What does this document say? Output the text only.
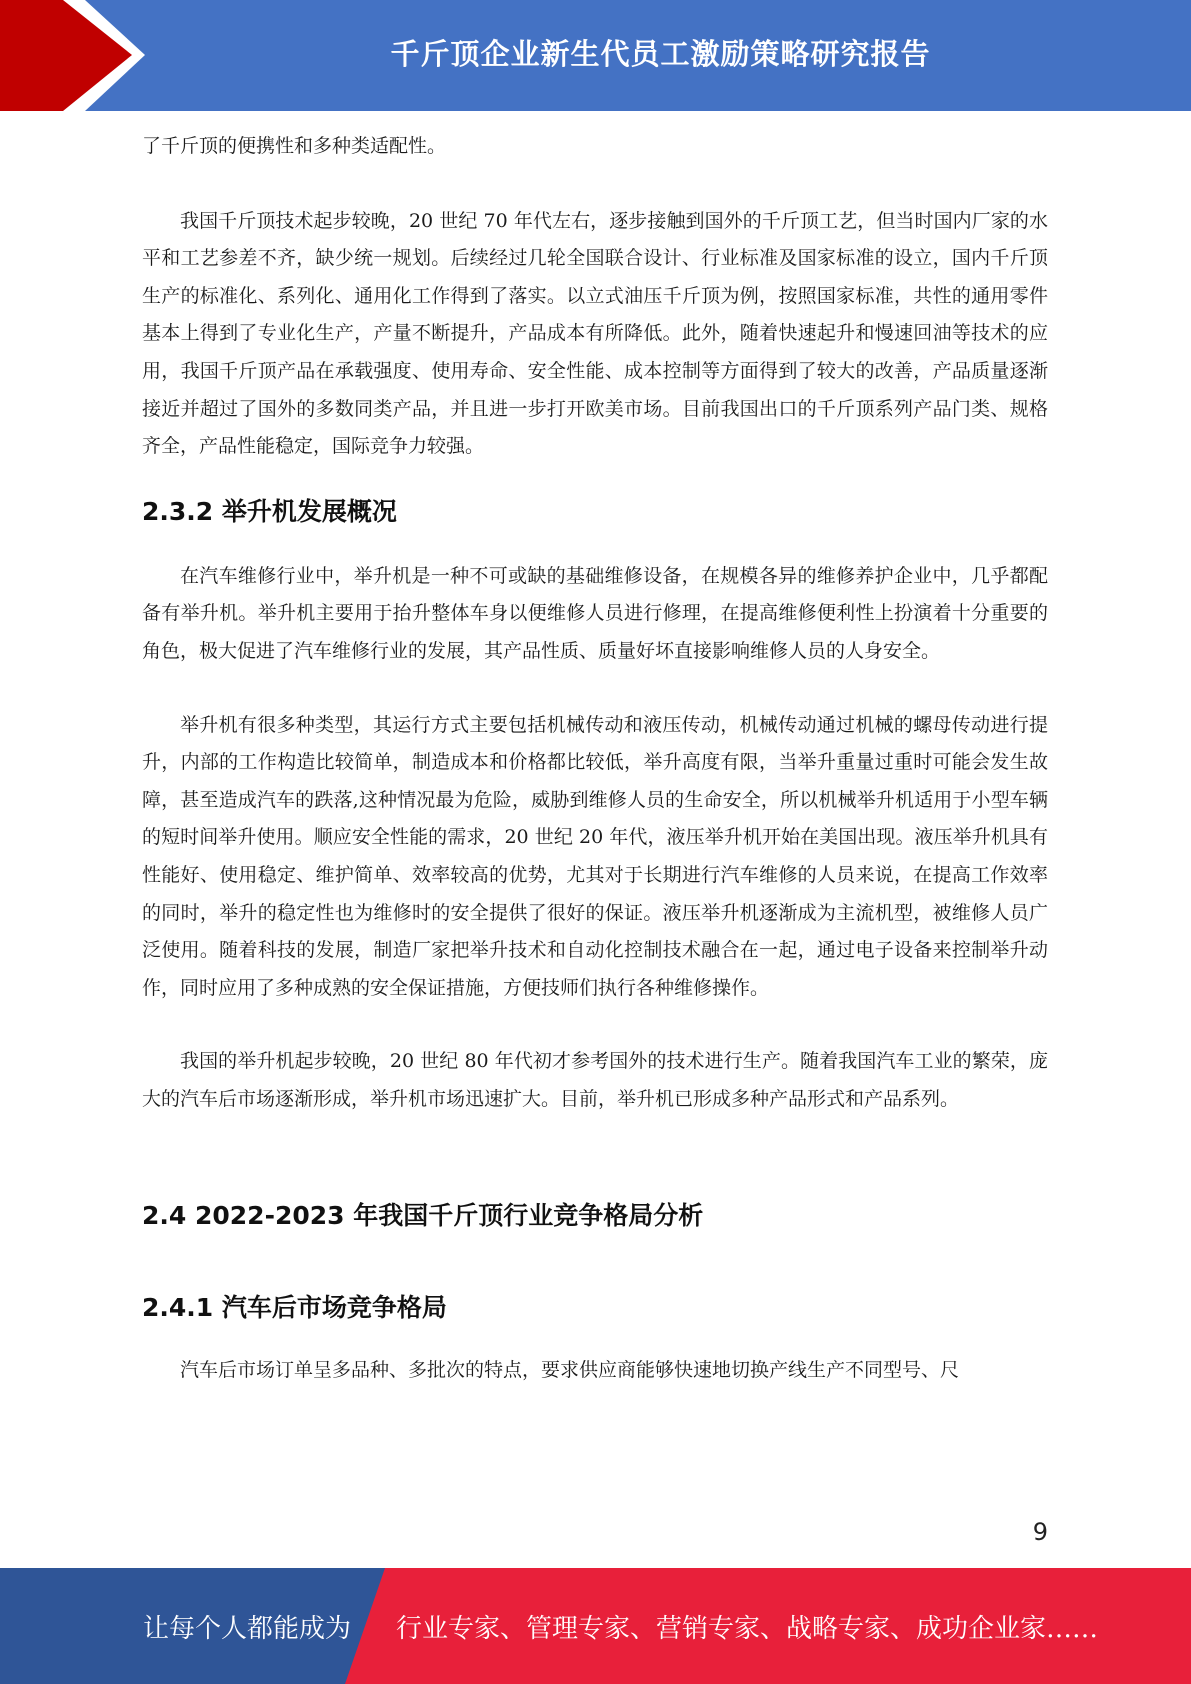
千斤顶企业新生代员工激励策略研究报告

了千斤顶的便携性和多种类适配性。

我国千斤顶技术起步较晚，20 世纪 70 年代左右，逐步接触到国外的千斤顶工艺，但当时国内厂家的水平和工艺参差不齐，缺少统一规划。后续经过几轮全国联合设计、行业标准及国家标准的设立，国内千斤顶生产的标准化、系列化、通用化工作得到了落实。以立式油压千斤顶为例，按照国家标准，共性的通用零件基本上得到了专业化生产，产量不断提升，产品成本有所降低。此外，随着快速起升和慢速回油等技术的应用，我国千斤顶产品在承载强度、使用寿命、安全性能、成本控制等方面得到了较大的改善，产品质量逐渐接近并超过了国外的多数同类产品，并且进一步打开欧美市场。目前我国出口的千斤顶系列产品门类、规格齐全，产品性能稳定，国际竞争力较强。

2.3.2 举升机发展概况

在汽车维修行业中，举升机是一种不可或缺的基础维修设备，在规模各异的维修养护企业中，几乎都配备有举升机。举升机主要用于抬升整体车身以便维修人员进行修理，在提高维修便利性上扮演着十分重要的角色，极大促进了汽车维修行业的发展，其产品性质、质量好坏直接影响维修人员的人身安全。

举升机有很多种类型，其运行方式主要包括机械传动和液压传动，机械传动通过机械的螺母传动进行提升，内部的工作构造比较简单，制造成本和价格都比较低，举升高度有限，当举升重量过重时可能会发生故障，甚至造成汽车的跌落,这种情况最为危险，威胁到维修人员的生命安全，所以机械举升机适用于小型车辆的短时间举升使用。顺应安全性能的需求，20 世纪 20 年代，液压举升机开始在美国出现。液压举升机具有性能好、使用稳定、维护简单、效率较高的优势，尤其对于长期进行汽车维修的人员来说，在提高工作效率的同时，举升的稳定性也为维修时的安全提供了很好的保证。液压举升机逐渐成为主流机型，被维修人员广泛使用。随着科技的发展，制造厂家把举升技术和自动化控制技术融合在一起，通过电子设备来控制举升动作，同时应用了多种成熟的安全保证措施，方便技师们执行各种维修操作。

我国的举升机起步较晚，20 世纪 80 年代初才参考国外的技术进行生产。随着我国汽车工业的繁荣，庞大的汽车后市场逐渐形成，举升机市场迅速扩大。目前，举升机已形成多种产品形式和产品系列。

2.4 2022-2023 年我国千斤顶行业竞争格局分析
2.4.1 汽车后市场竞争格局

汽车后市场订单呈多品种、多批次的特点，要求供应商能够快速地切换产线生产不同型号、尺

9
让每个人都能成为 行业专家、管理专家、营销专家、战略专家、成功企业家……
